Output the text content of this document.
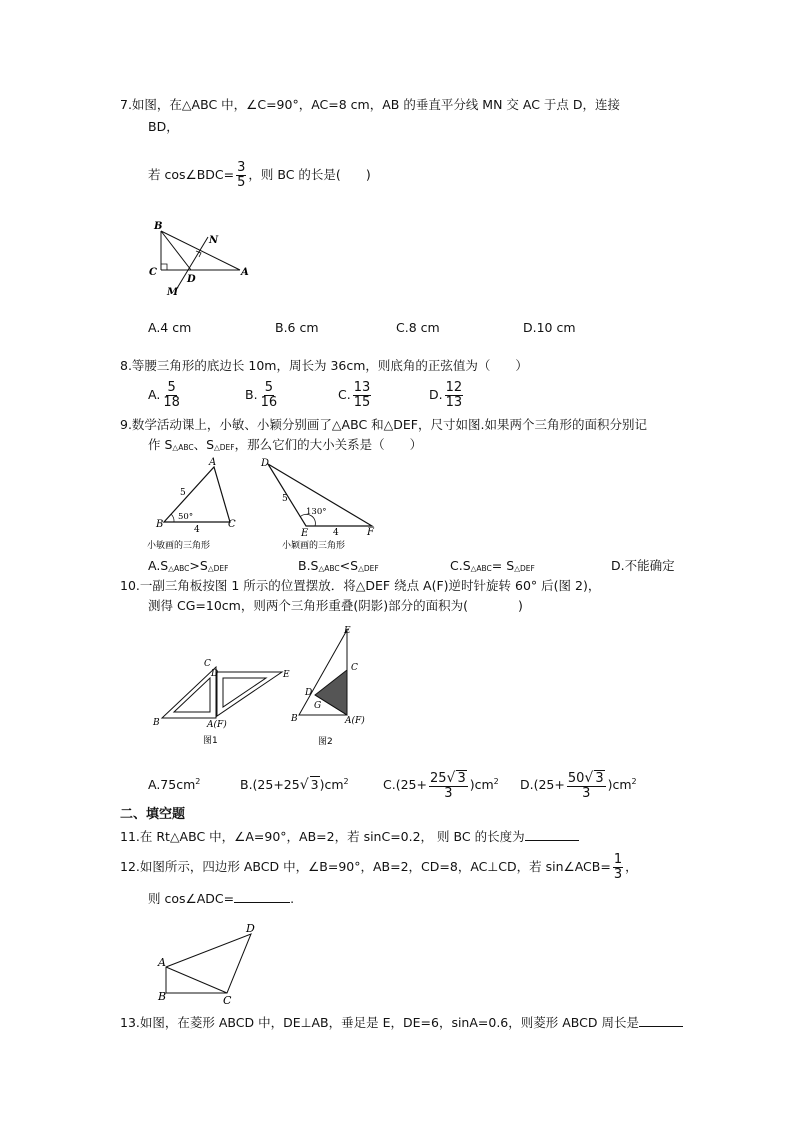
7.如图，在△ABC 中，∠C=90°，AC=8 cm，AB 的垂直平分线 MN 交 AC 于点 D，连接
BD，
若 cos∠BDC= $\frac{3}{5}$ ，则 BC 的长是(　　)
B
N
C
D
A
M
A.4 cm	B.6 cm	C.8 cm	D.10 cm
8.等腰三角形的底边长 10m，周长为 36cm，则底角的正弦值为（　　）
A. $\frac{5}{18}$	B. $\frac{5}{16}$	C. $\frac{13}{15}$	D. $\frac{12}{13}$
9.数学活动课上，小敏、小颖分别画了△ABC 和△DEF，尺寸如图.如果两个三角形的面积分别记
作 S△ABC、S△DEF，那么它们的大小关系是（　　）
A
B	C
5
50°
4
小敏画的三角形
D
E	F
5
130°
4
小颖画的三角形
A.S△ABC>S△DEF	B.S△ABC<S△DEF	C.S△ABC= S△DEF	D.不能确定
10.一副三角板按图 1 所示的位置摆放．将△DEF 绕点 A(F)逆时针旋转 60° 后(图 2)，
测得 CG=10cm，则两个三角形重叠(阴影)部分的面积为(　　　　)
C
D	E
B	A(F)
图1
E
C
D
G
B	A(F)
图2
$A.75cm^2$	B.(25+25√ $3)cm^2$	$C.(25+ \frac{25√ 3}{3} )cm^2$ $D.(25+ \frac{50√ 3}{3} )cm^2$
二、填空题
11.在 Rt△ABC 中，∠A=90°，AB=2，若 sinC=0.2， 则 BC 的长度为
12.如图所示，四边形 ABCD 中，∠B=90°，AB=2，CD=8，AC⊥CD，若 sin∠ACB= $\frac{1}{3}$ ，
则 cos∠ADC=	.
D
A
B	C
13.如图，在菱形 ABCD 中，DE⊥AB，垂足是 E，DE=6，sinA=0.6，则菱形 ABCD 周长是
